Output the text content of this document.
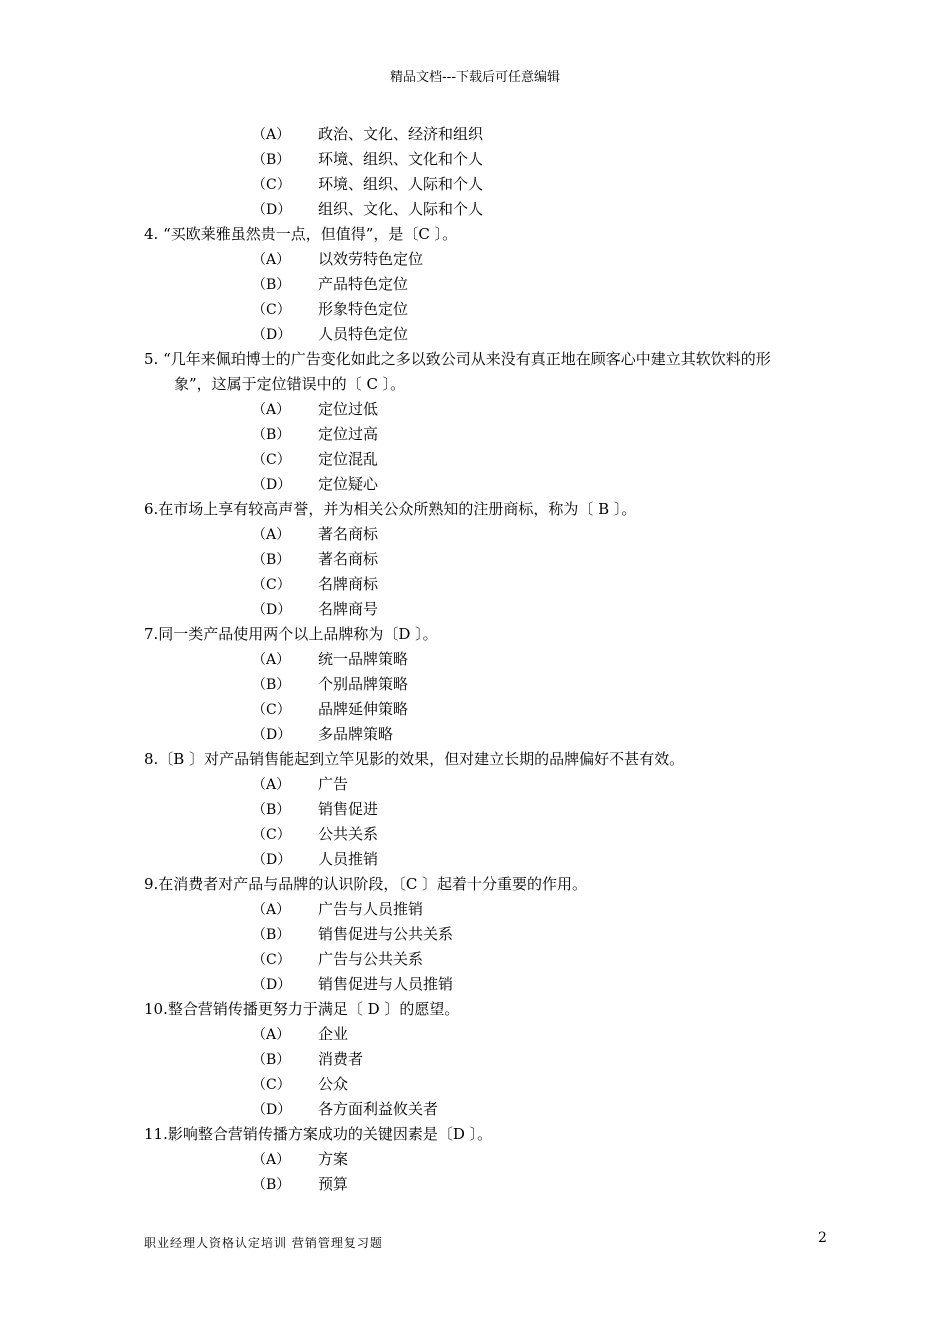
精品文档---下载后可任意编辑
（A） 政治、文化、经济和组织
（B） 环境、组织、文化和个人
（C） 环境、组织、人际和个人
（D） 组织、文化、人际和个人
4. “买欧莱雅虽然贵一点，但值得”，是〔C 〕。
（A） 以效劳特色定位
（B） 产品特色定位
（C） 形象特色定位
（D） 人员特色定位
5. “几年来佩珀博士的广告变化如此之多以致公司从来没有真正地在顾客心中建立其软饮料的形
象”，这属于定位错误中的〔 C 〕。
（A） 定位过低
（B） 定位过高
（C） 定位混乱
（D） 定位疑心
6.在市场上享有较高声誉，并为相关公众所熟知的注册商标，称为〔 B 〕。
（A） 著名商标
（B） 著名商标
（C） 名牌商标
（D） 名牌商号
7.同一类产品使用两个以上品牌称为〔D 〕。
（A） 统一品牌策略
（B） 个别品牌策略
（C） 品牌延伸策略
（D） 多品牌策略
8.〔B 〕对产品销售能起到立竿见影的效果，但对建立长期的品牌偏好不甚有效。
（A） 广告
（B） 销售促进
（C） 公共关系
（D） 人员推销
9.在消费者对产品与品牌的认识阶段，〔C 〕起着十分重要的作用。
（A） 广告与人员推销
（B） 销售促进与公共关系
（C） 广告与公共关系
（D） 销售促进与人员推销
10.整合营销传播更努力于满足〔 D 〕的愿望。
（A） 企业
（B） 消费者
（C） 公众
（D） 各方面利益攸关者
11.影响整合营销传播方案成功的关键因素是〔D 〕。
（A） 方案
（B） 预算
职业经理人资格认定培训 营销管理复习题	2
